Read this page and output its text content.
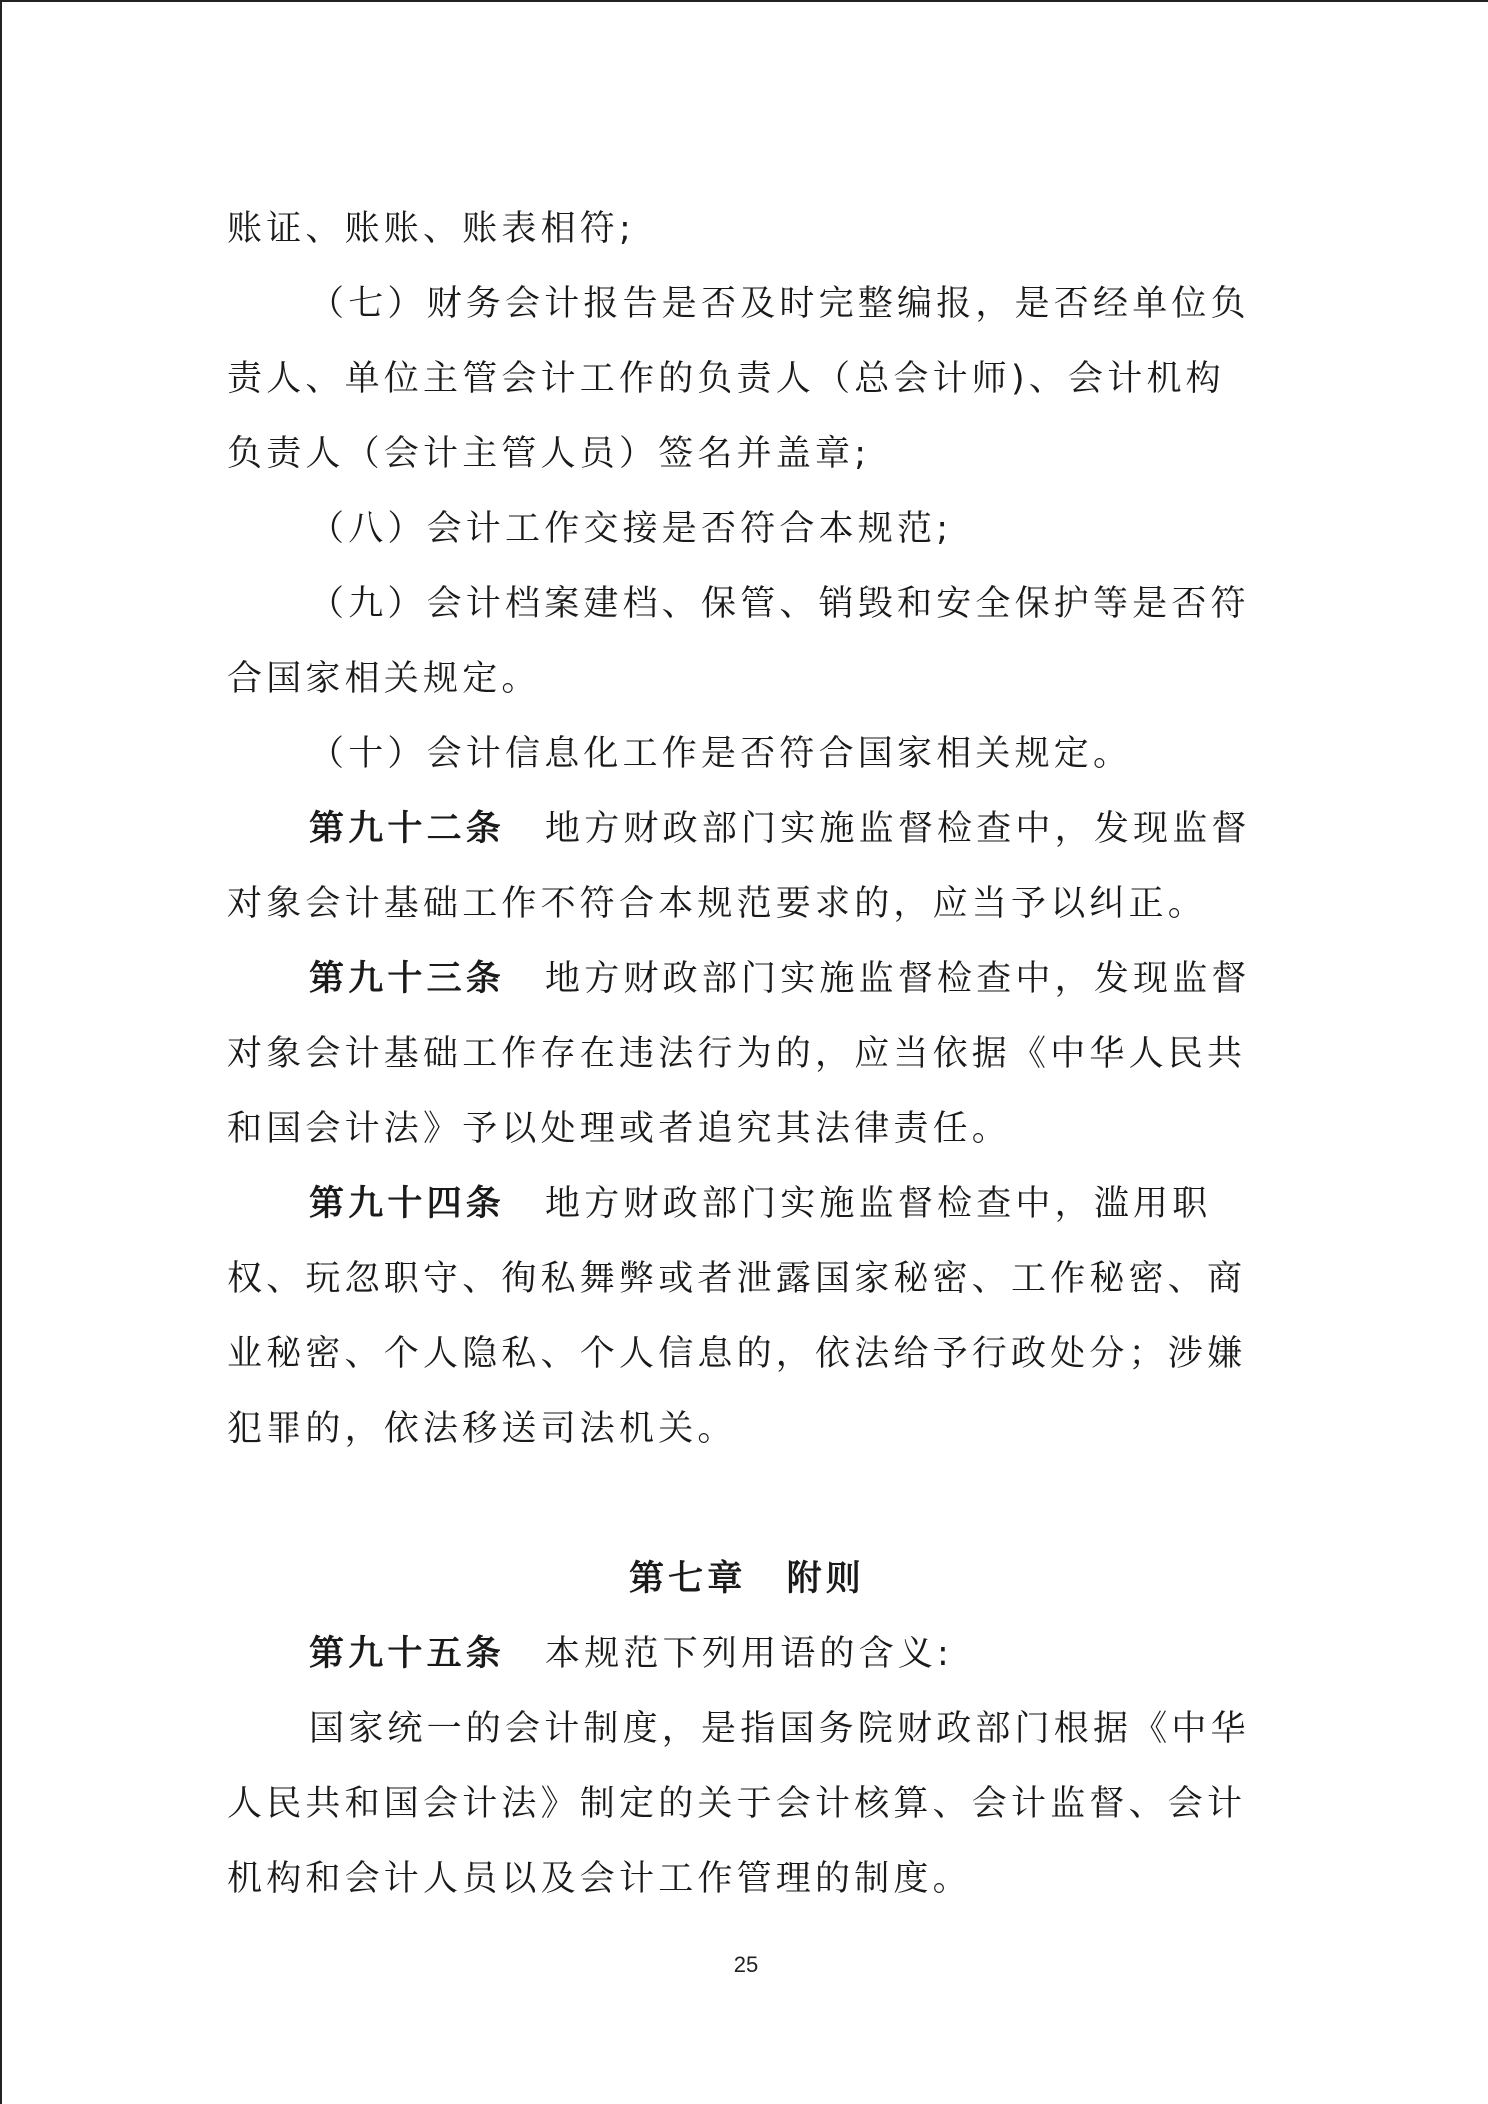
账证、账账、账表相符;
（七）财务会计报告是否及时完整编报，是否经单位负
责人、单位主管会计工作的负责人（总会计师)、会计机构
负责人（会计主管人员）签名并盖章;
（八）会计工作交接是否符合本规范;
（九）会计档案建档、保管、销毁和安全保护等是否符
合国家相关规定。
（十）会计信息化工作是否符合国家相关规定。
第九十二条 地方财政部门实施监督检查中，发现监督
对象会计基础工作不符合本规范要求的，应当予以纠正。
第九十三条 地方财政部门实施监督检查中，发现监督
对象会计基础工作存在违法行为的，应当依据《中华人民共
和国会计法》予以处理或者追究其法律责任。
第九十四条 地方财政部门实施监督检查中，滥用职
权、玩忽职守、徇私舞弊或者泄露国家秘密、工作秘密、商
业秘密、个人隐私、个人信息的，依法给予行政处分；涉嫌
犯罪的，依法移送司法机关。
第七章 附则
第九十五条 本规范下列用语的含义:
国家统一的会计制度，是指国务院财政部门根据《中华
人民共和国会计法》制定的关于会计核算、会计监督、会计
机构和会计人员以及会计工作管理的制度。
25
